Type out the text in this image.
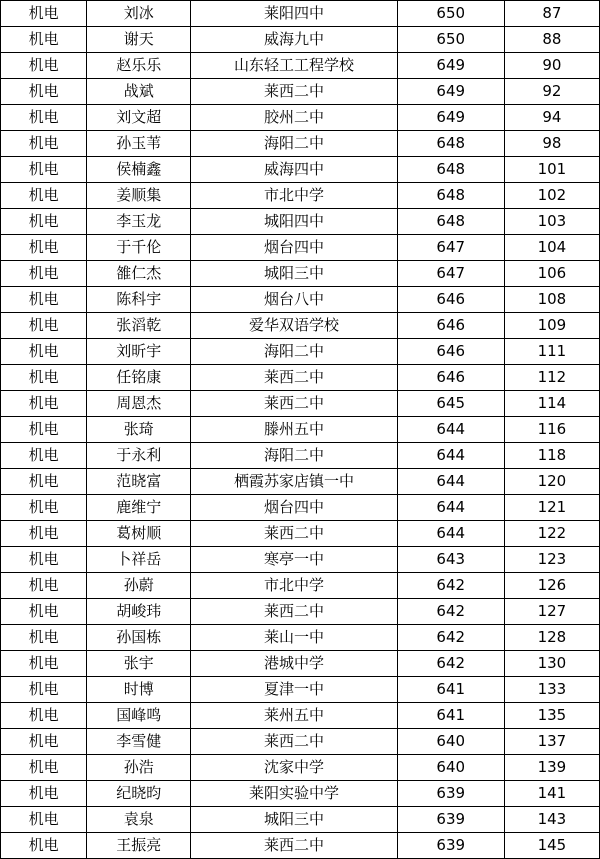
机电	刘冰	莱阳四中	650	87
机电	谢天	威海九中	650	88
机电	赵乐乐	山东轻工工程学校	649	90
机电	战斌	莱西二中	649	92
机电	刘文超	胶州二中	649	94
机电	孙玉苇	海阳二中	648	98
机电	侯楠鑫	威海四中	648	101
机电	姜顺集	市北中学	648	102
机电	李玉龙	城阳四中	648	103
机电	于千伦	烟台四中	647	104
机电	雒仁杰	城阳三中	647	106
机电	陈科宇	烟台八中	646	108
机电	张滔乾	爱华双语学校	646	109
机电	刘昕宇	海阳二中	646	111
机电	任铭康	莱西二中	646	112
机电	周恩杰	莱西二中	645	114
机电	张琦	滕州五中	644	116
机电	于永利	海阳二中	644	118
机电	范晓富	栖霞苏家店镇一中	644	120
机电	鹿维宁	烟台四中	644	121
机电	葛树顺	莱西二中	644	122
机电	卜祥岳	寒亭一中	643	123
机电	孙蔚	市北中学	642	126
机电	胡峻玮	莱西二中	642	127
机电	孙国栋	莱山一中	642	128
机电	张宇	港城中学	642	130
机电	时博	夏津一中	641	133
机电	国峰鸣	莱州五中	641	135
机电	李雪健	莱西二中	640	137
机电	孙浩	沈家中学	640	139
机电	纪晓昀	莱阳实验中学	639	141
机电	袁泉	城阳三中	639	143
机电	王振亮	莱西二中	639	145
